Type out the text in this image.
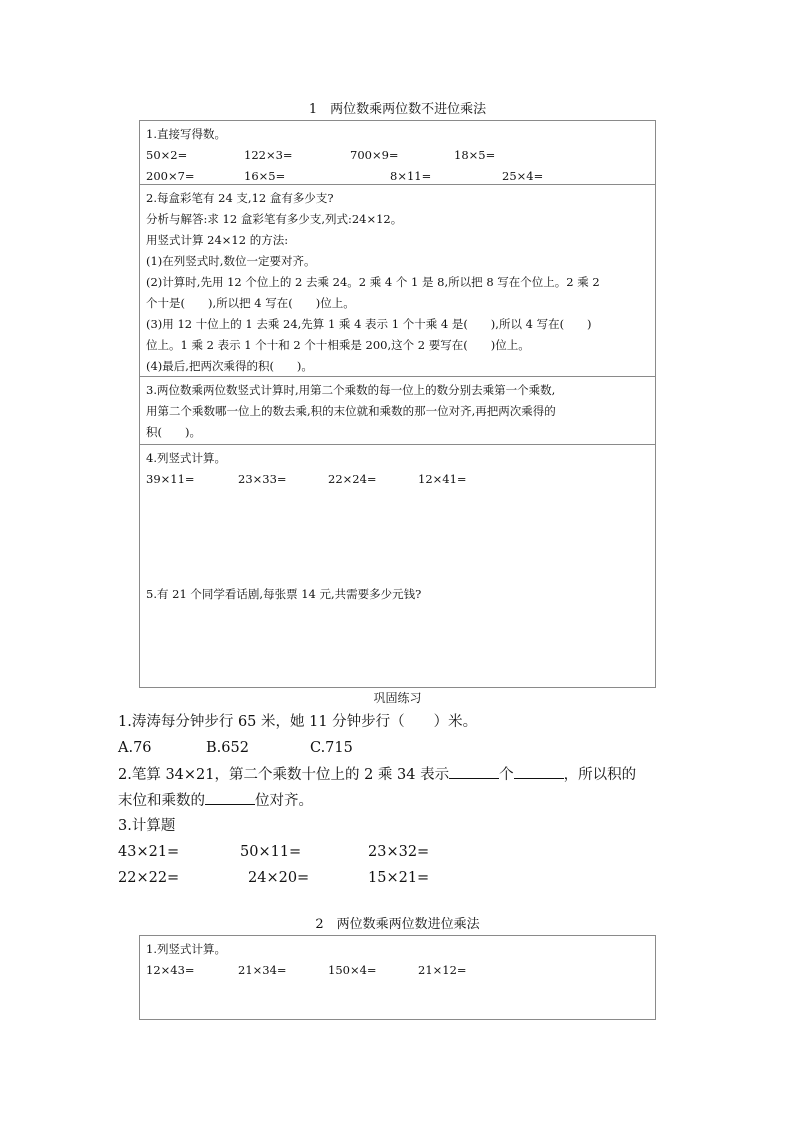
1　两位数乘两位数不进位乘法
1.直接写得数。
50×2=	122×3=	700×9=	18×5=
200×7=	16×5=	8×11=	25×4=
2.每盒彩笔有 24 支,12 盒有多少支?
分析与解答:求 12 盒彩笔有多少支,列式:24×12。
用竖式计算 24×12 的方法:
(1)在列竖式时,数位一定要对齐。
(2)计算时,先用 12 个位上的 2 去乘 24。2 乘 4 个 1 是 8,所以把 8 写在个位上。2 乘 2
个十是(　　),所以把 4 写在(　　)位上。
(3)用 12 十位上的 1 去乘 24,先算 1 乘 4 表示 1 个十乘 4 是(　　),所以 4 写在(　　)
位上。1 乘 2 表示 1 个十和 2 个十相乘是 200,这个 2 要写在(　　)位上。
(4)最后,把两次乘得的积(　　)。
3.两位数乘两位数竖式计算时,用第二个乘数的每一位上的数分别去乘第一个乘数,
用第二个乘数哪一位上的数去乘,积的末位就和乘数的那一位对齐,再把两次乘得的
积(　　)。
4.列竖式计算。
39×11=	23×33=	22×24=	12×41=
5.有 21 个同学看话剧,每张票 14 元,共需要多少元钱?
巩固练习
1.涛涛每分钟步行 65 米，她 11 分钟步行（　　）米。
A.76	B.652	C.715
2.笔算 34×21，第二个乘数十位上的 2 乘 34 表示	个	，所以积的
末位和乘数的	位对齐。
3.计算题
43×21=	50×11=	23×32=
22×22=	24×20=	15×21=
2　两位数乘两位数进位乘法
1.列竖式计算。
12×43=	21×34=	150×4=	21×12=
